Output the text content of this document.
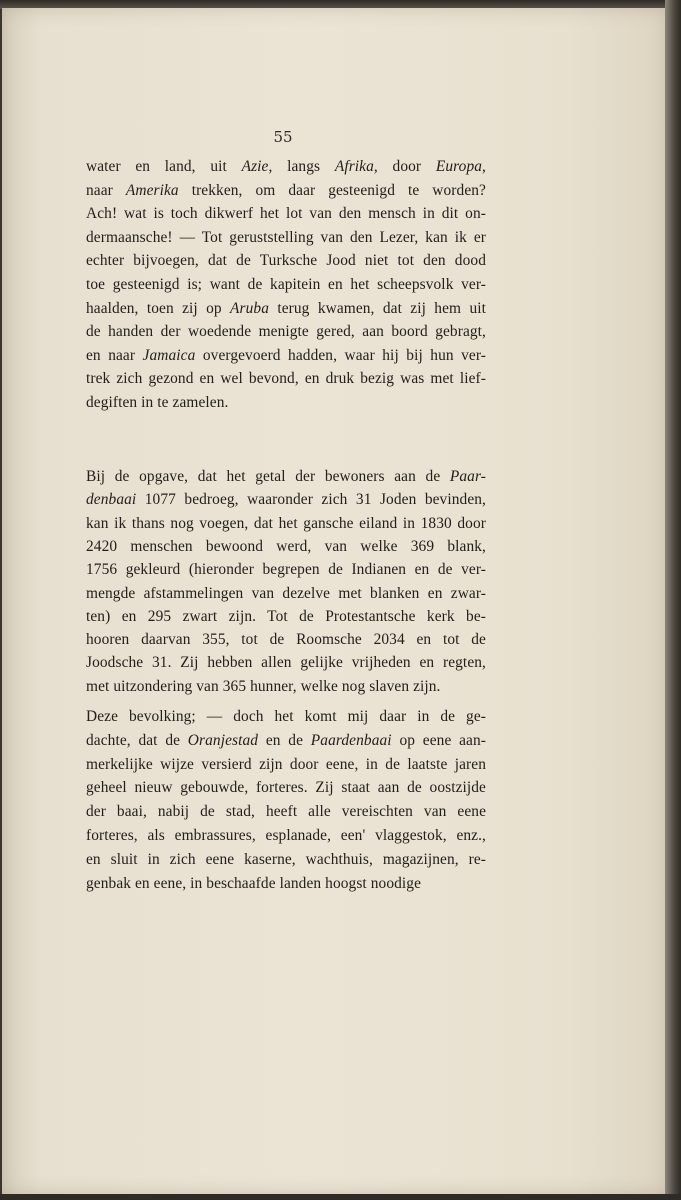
55
water en land, uit Azie, langs Afrika, door Europa,
naar Amerika trekken, om daar gesteenigd te worden?
Ach! wat is toch dikwerf het lot van den mensch in dit on-
dermaansche! — Tot geruststelling van den Lezer, kan ik er
echter bijvoegen, dat de Turksche Jood niet tot den dood
toe gesteenigd is; want de kapitein en het scheepsvolk ver-
haalden, toen zij op Aruba terug kwamen, dat zij hem uit
de handen der woedende menigte gered, aan boord gebragt,
en naar Jamaica overgevoerd hadden, waar hij bij hun ver-
trek zich gezond en wel bevond, en druk bezig was met lief-
degiften in te zamelen.
Bij de opgave, dat het getal der bewoners aan de Paar-
denbaai 1077 bedroeg, waaronder zich 31 Joden bevinden,
kan ik thans nog voegen, dat het gansche eiland in 1830 door
2420 menschen bewoond werd, van welke 369 blank,
1756 gekleurd (hieronder begrepen de Indianen en de ver-
mengde afstammelingen van dezelve met blanken en zwar-
ten) en 295 zwart zijn. Tot de Protestantsche kerk be-
hooren daarvan 355, tot de Roomsche 2034 en tot de
Joodsche 31. Zij hebben allen gelijke vrijheden en regten,
met uitzondering van 365 hunner, welke nog slaven zijn.
Deze bevolking; — doch het komt mij daar in de ge-
dachte, dat de Oranjestad en de Paardenbaai op eene aan-
merkelijke wijze versierd zijn door eene, in de laatste jaren
geheel nieuw gebouwde, forteres. Zij staat aan de oostzijde
der baai, nabij de stad, heeft alle vereischten van eene
forteres, als embrassures, esplanade, een' vlaggestok, enz.,
en sluit in zich eene kaserne, wachthuis, magazijnen, re-
genbak en eene, in beschaafde landen hoogst noodige
